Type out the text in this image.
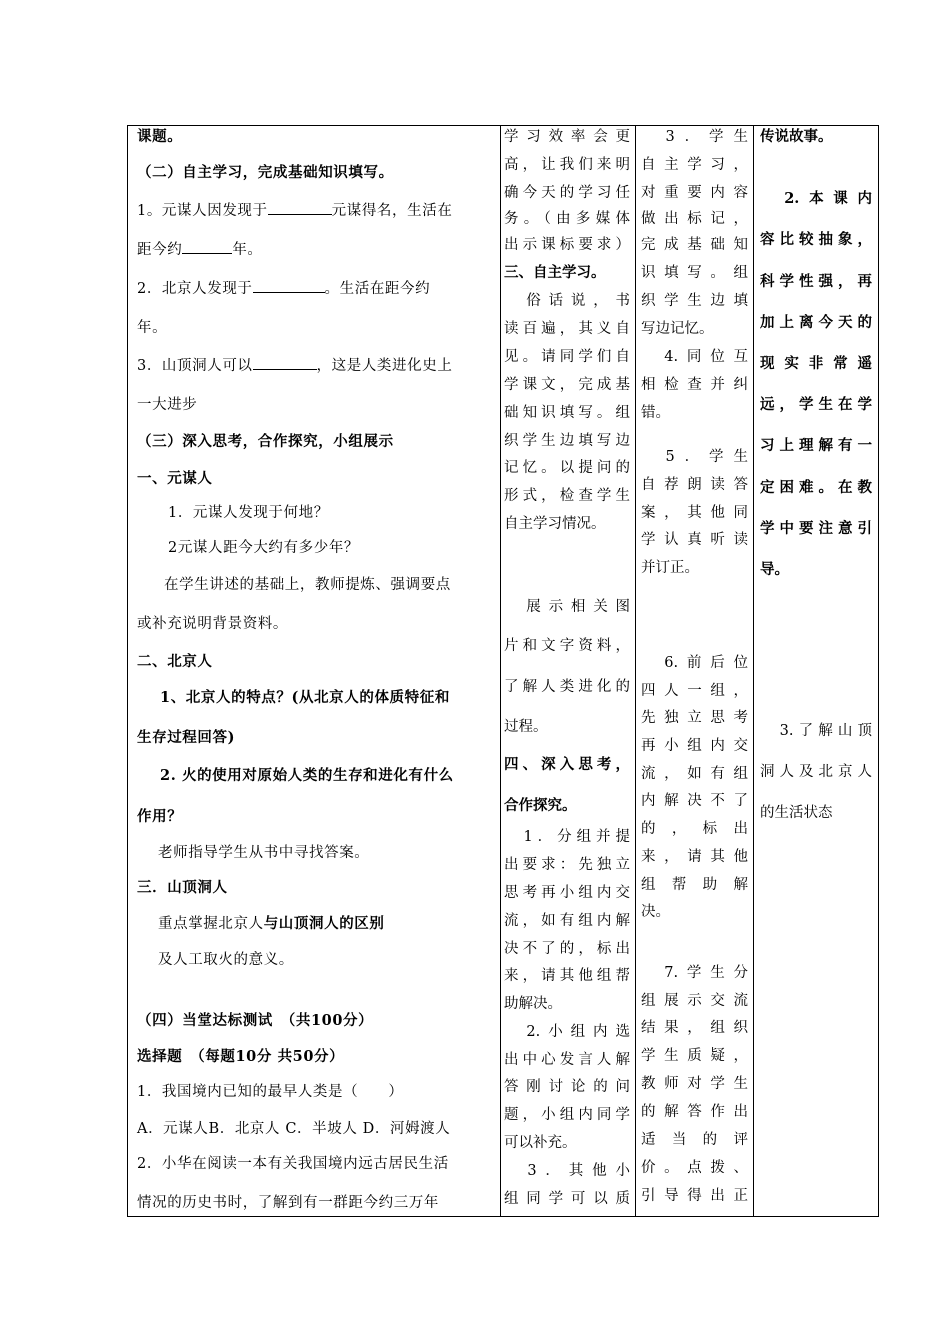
课题。
（二）自主学习，完成基础知识填写。
1。元谋人因发现于	元谋得名，生活在
距今约	年。
2．北京人发现于	。生活在距今约
年。
3．山顶洞人可以	，这是人类进化史上
一大进步
（三）深入思考，合作探究，小组展示
一、元谋人
1．元谋人发现于何地？
2元谋人距今大约有多少年？
在学生讲述的基础上，教师提炼、强调要点
或补充说明背景资料。
二、北京人
1、北京人的特点？(从北京人的体质特征和
生存过程回答)
2. 火的使用对原始人类的生存和进化有什么
作用？
老师指导学生从书中寻找答案。
三．山顶洞人
重点掌握北京人与山顶洞人的区别
及人工取火的意义。
（四）当堂达标测试　（共100分）
选择题　（每题10分 共50分）
1．我国境内已知的最早人类是（　　）
A．元谋人B．北京人 C．半坡人 D．河姆渡人
2．小华在阅读一本有关我国境内远古居民生活
情况的历史书时，了解到有一群距今约三万年
学习效率会更
高，让我们来明
确今天的学习任
务。（由多媒体
出示课标要求）
三、自主学习。
　俗话说，书
读百遍，其义自
见。请同学们自
学课文，完成基
础知识填写。组
织学生边填写边
记忆。以提问的
形式，检查学生
自主学习情况。
　展示相关图
片和文字资料，
了解人类进化的
过程。
四、深入思考，
合作探究。
　1．分组并提
出要求：先独立
思考再小组内交
流，如有组内解
决不了的，标出
来，请其他组帮
助解决。
　2.小组内选
出中心发言人解
答刚讨论的问
题，小组内同学
可以补充。
　3．其他小
组同学可以质
　3．学生
自主学习，
对重要内容
做出标记，
完成基础知
识填写。组
织学生边填
写边记忆。
　4.同位互
相检查并纠
错。
　5．学生
自荐朗读答
案，其他同
学认真听读
并订正。
　6.前后位
四人一组，
先独立思考
再小组内交
流，如有组
内解决不了
的，标出
来，请其他
组帮助解
决。
　7.学生分
组展示交流
结果，组织
学生质疑，
教师对学生
的解答作出
适当的评
价。点拨、
引导得出正
传说故事。
　2.本课内
容比较抽象，
科学性强，再
加上离今天的
现实非常遥
远，学生在学
习上理解有一
定困难。在教
学中要注意引
导。
　3.了解山顶
洞人及北京人
的生活状态
